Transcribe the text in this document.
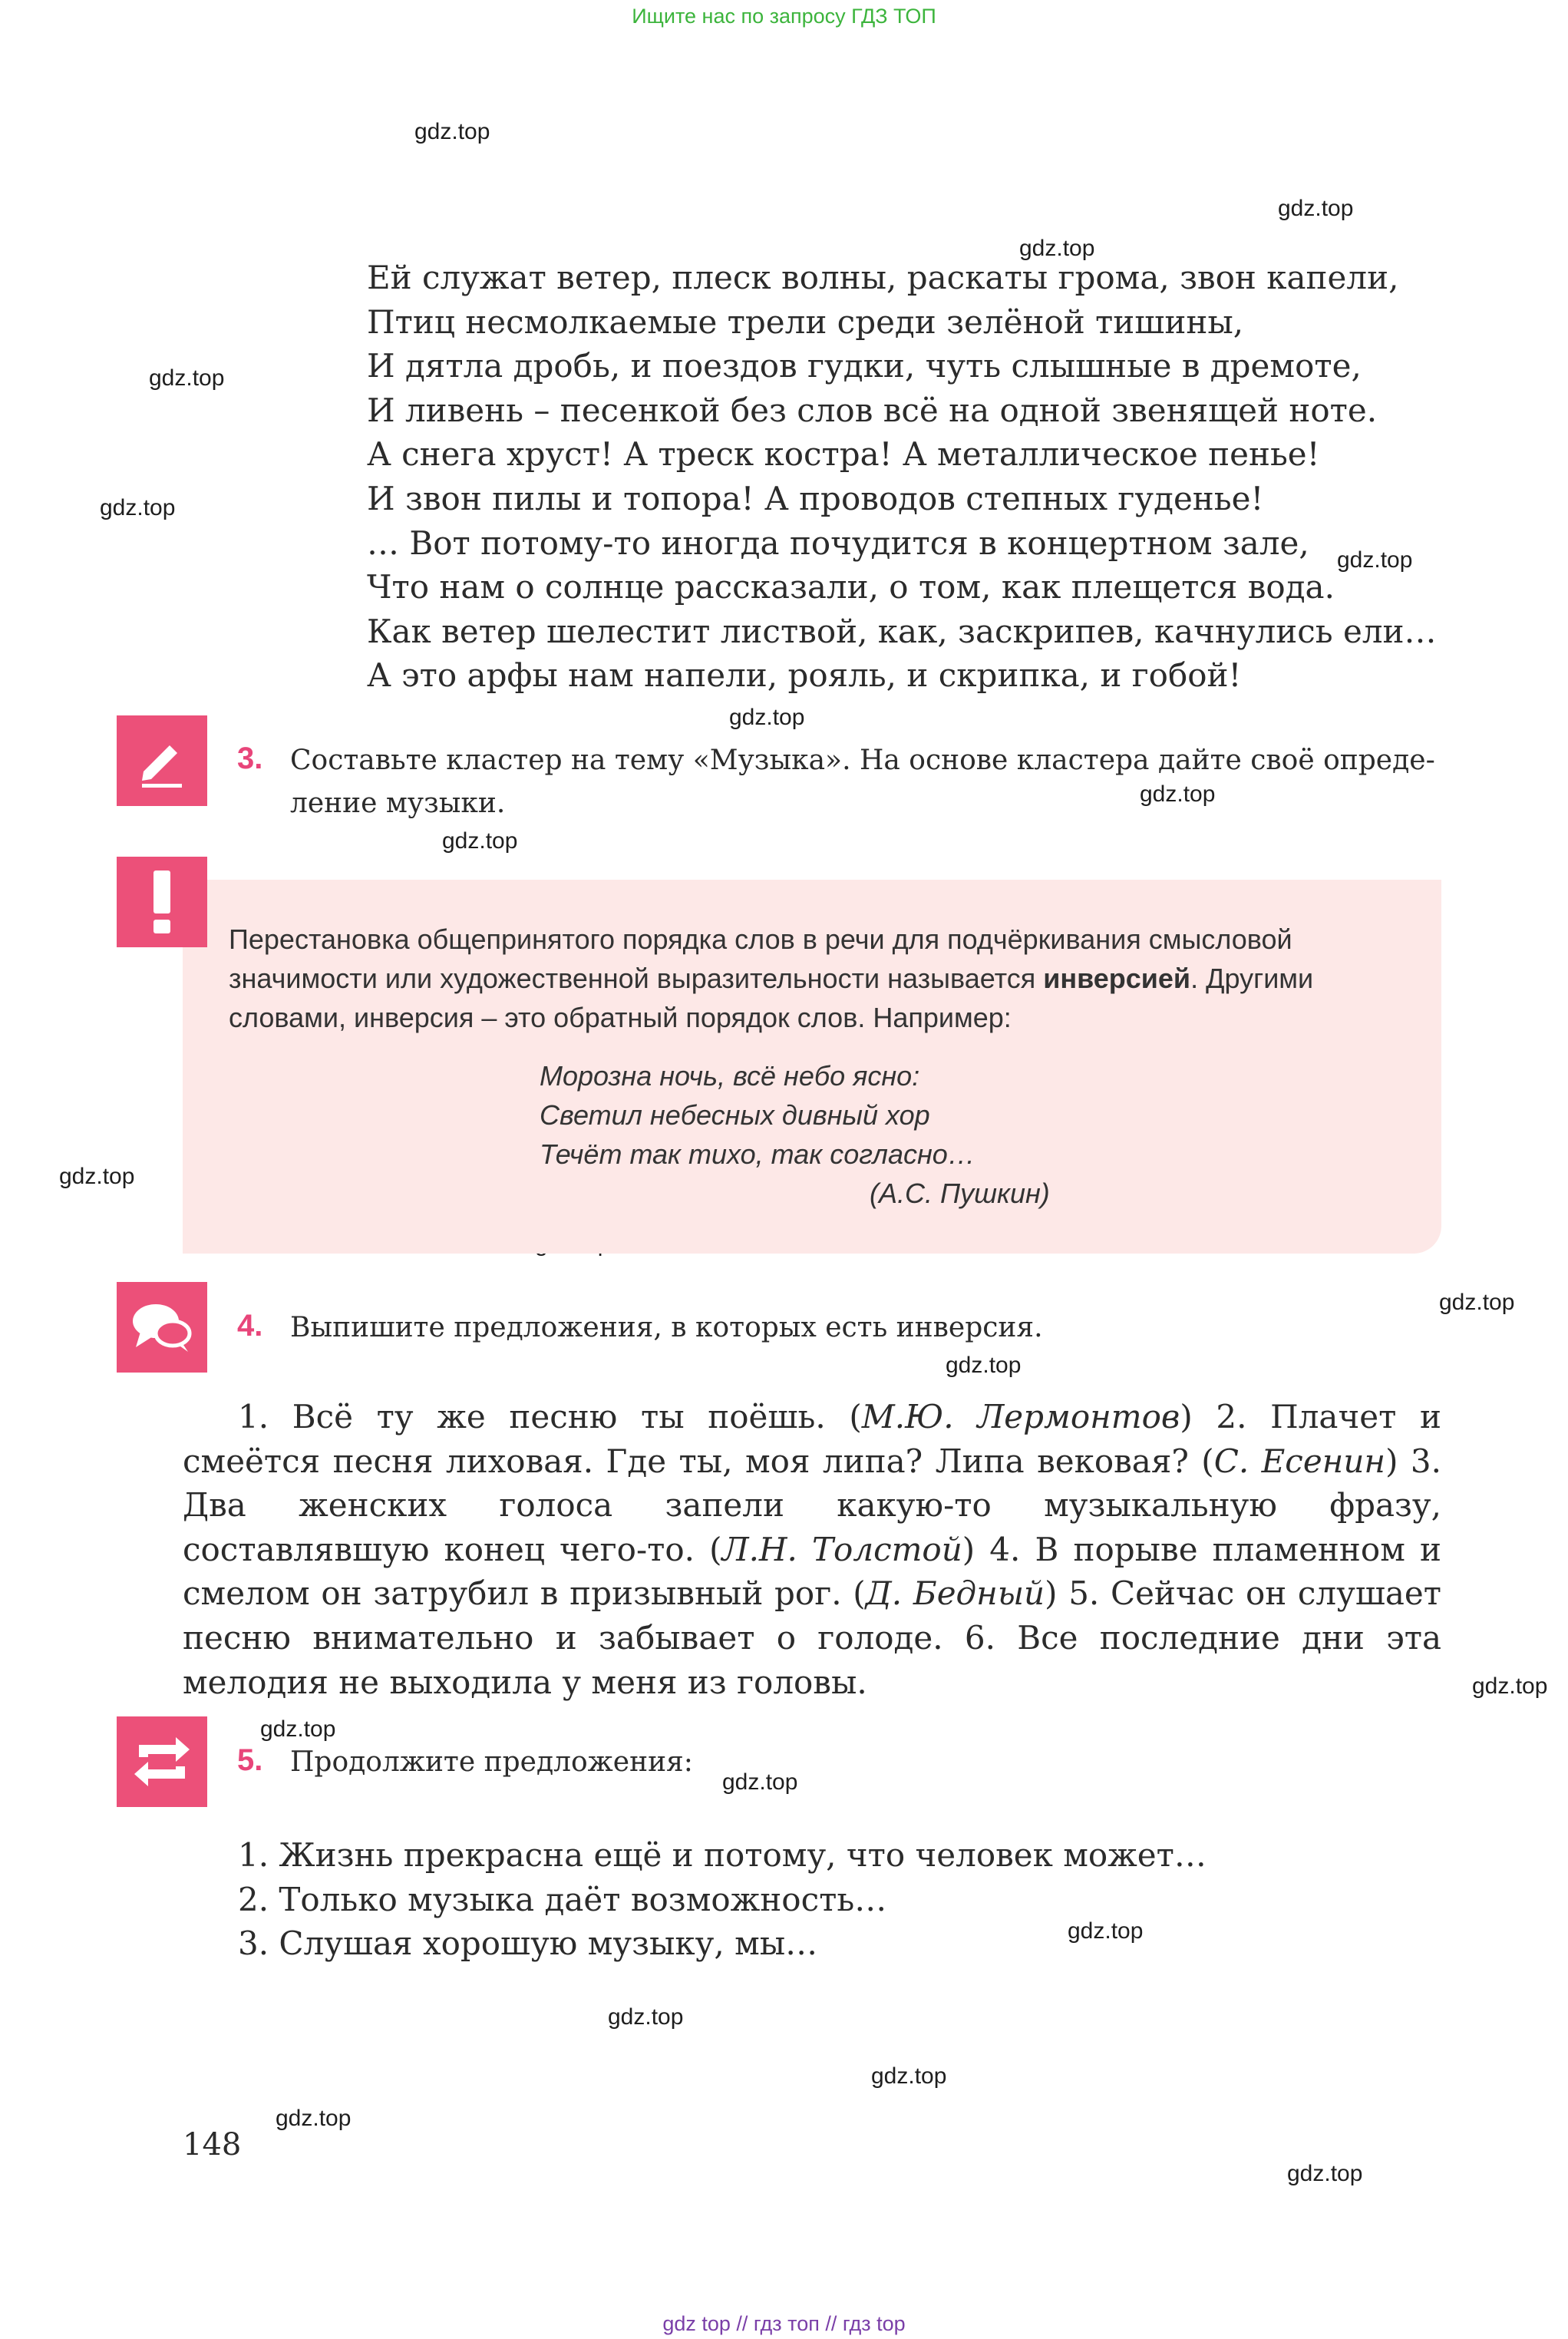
Ищите нас по запросу ГДЗ ТОП
gdz.top
gdz.top
gdz.top
gdz.top
gdz.top
gdz.top
gdz.top
gdz.top
gdz.top
gdz.top
gdz.top
gdz.top
gdz.top
gdz.top
gdz.top
gdz.top
gdz.top
gdz.top
gdz.top
gdz.top
Ей служат ветер, плеск волны, раскаты грома, звон капели,
Птиц несмолкаемые трели среди зелёной тишины,
И дятла дробь, и поездов гудки, чуть слышные в дремоте,
И ливень – песенкой без слов всё на одной звенящей ноте.
А снега хруст! А треск костра! А металлическое пенье!
И звон пилы и топора! А проводов степных гуденье!
… Вот потому-то иногда почудится в концертном зале,
Что нам о солнце рассказали, о том, как плещется вода.
Как ветер шелестит листвой, как, заскрипев, качнулись ели…
А это арфы нам напели, рояль, и скрипка, и гобой!
3. Составьте кластер на тему «Музыка». На основе кластера дайте своё опреде-
ление музыки.
Перестановка общепринятого порядка слов в речи для подчёркивания смысловой значимости или художественной выразительности называется инверсией. Другими словами, инверсия – это обратный порядок слов. Например:
Морозна ночь, всё небо ясно:
Светил небесных дивный хор
Течёт так тихо, так согласно…
(А.С. Пушкин)
4. Выпишите предложения, в которых есть инверсия.
1. Всё ту же песню ты поёшь. (М.Ю. Лермонтов) 2. Плачет и смеётся песня лиховая. Где ты, моя липа? Липа вековая? (С. Есенин) 3. Два женских голоса запели какую-то музыкальную фразу, составлявшую конец чего-то. (Л.Н. Толстой) 4. В порыве пламенном и смелом он затрубил в призывный рог. (Д. Бедный) 5. Сейчас он слушает песню внимательно и забывает о голоде. 6. Все последние дни эта мелодия не выходила у меня из головы.
5. Продолжите предложения:
1. Жизнь прекрасна ещё и потому, что человек может…
2. Только музыка даёт возможность…
3. Слушая хорошую музыку, мы…
148
gdz top // гдз топ // гдз top
